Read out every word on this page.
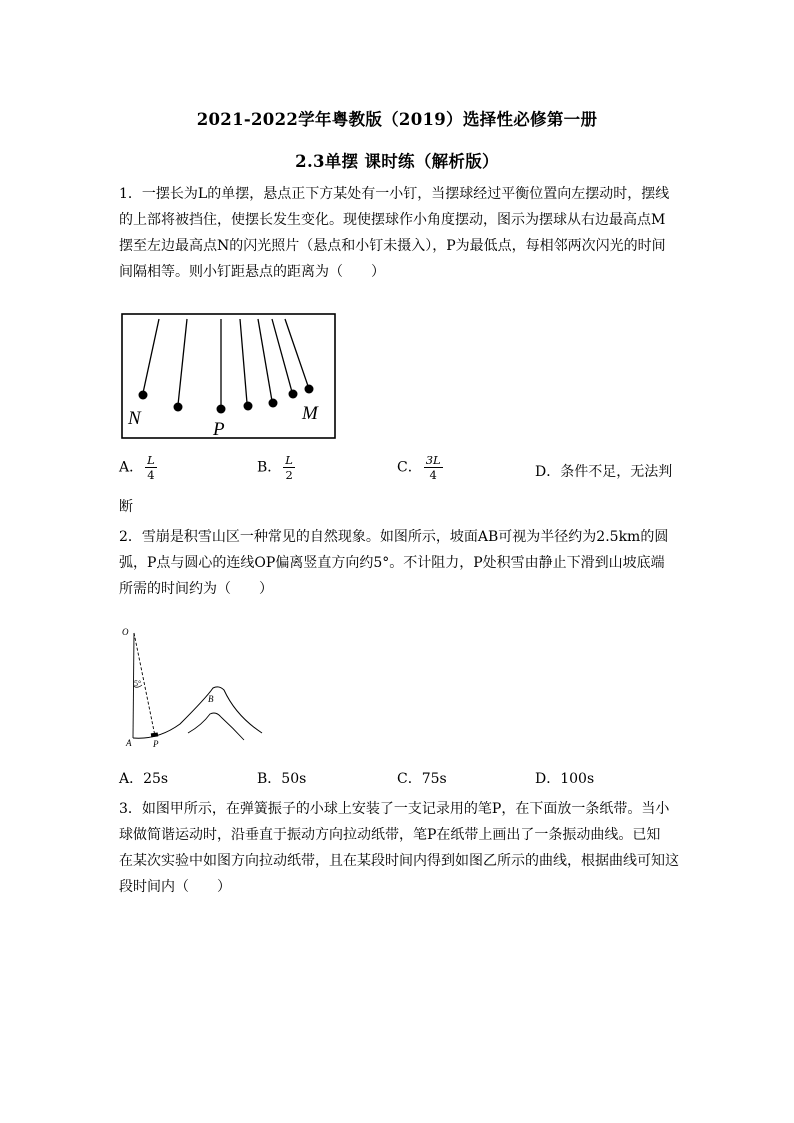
2021-2022学年粤教版（2019）选择性必修第一册
2.3单摆 课时练（解析版）
1．一摆长为L的单摆，悬点正下方某处有一小钉，当摆球经过平衡位置向左摆动时，摆线
的上部将被挡住，使摆长发生变化。现使摆球作小角度摆动，图示为摆球从右边最高点M
摆至左边最高点N的闪光照片（悬点和小钉未摄入），P为最低点，每相邻两次闪光的时间
间隔相等。则小钉距悬点的距离为（　　）
N
P
M
A． $\frac{L}{4}$	B． $\frac{L}{2}$	C． $\frac{3L}{4}$	D．条件不足，无法判
断
2．雪崩是积雪山区一种常见的自然现象。如图所示，坡面AB可视为半径约为2.5km的圆
弧，P点与圆心的连线OP偏离竖直方向约5°。不计阻力，P处积雪由静止下滑到山坡底端
所需的时间约为（　　）
O
5°
B
A P
A．25s	B．50s	C．75s	D．100s
3．如图甲所示，在弹簧振子的小球上安装了一支记录用的笔P，在下面放一条纸带。当小
球做简谐运动时，沿垂直于振动方向拉动纸带，笔P在纸带上画出了一条振动曲线。已知
在某次实验中如图方向拉动纸带，且在某段时间内得到如图乙所示的曲线，根据曲线可知这
段时间内（　　）
